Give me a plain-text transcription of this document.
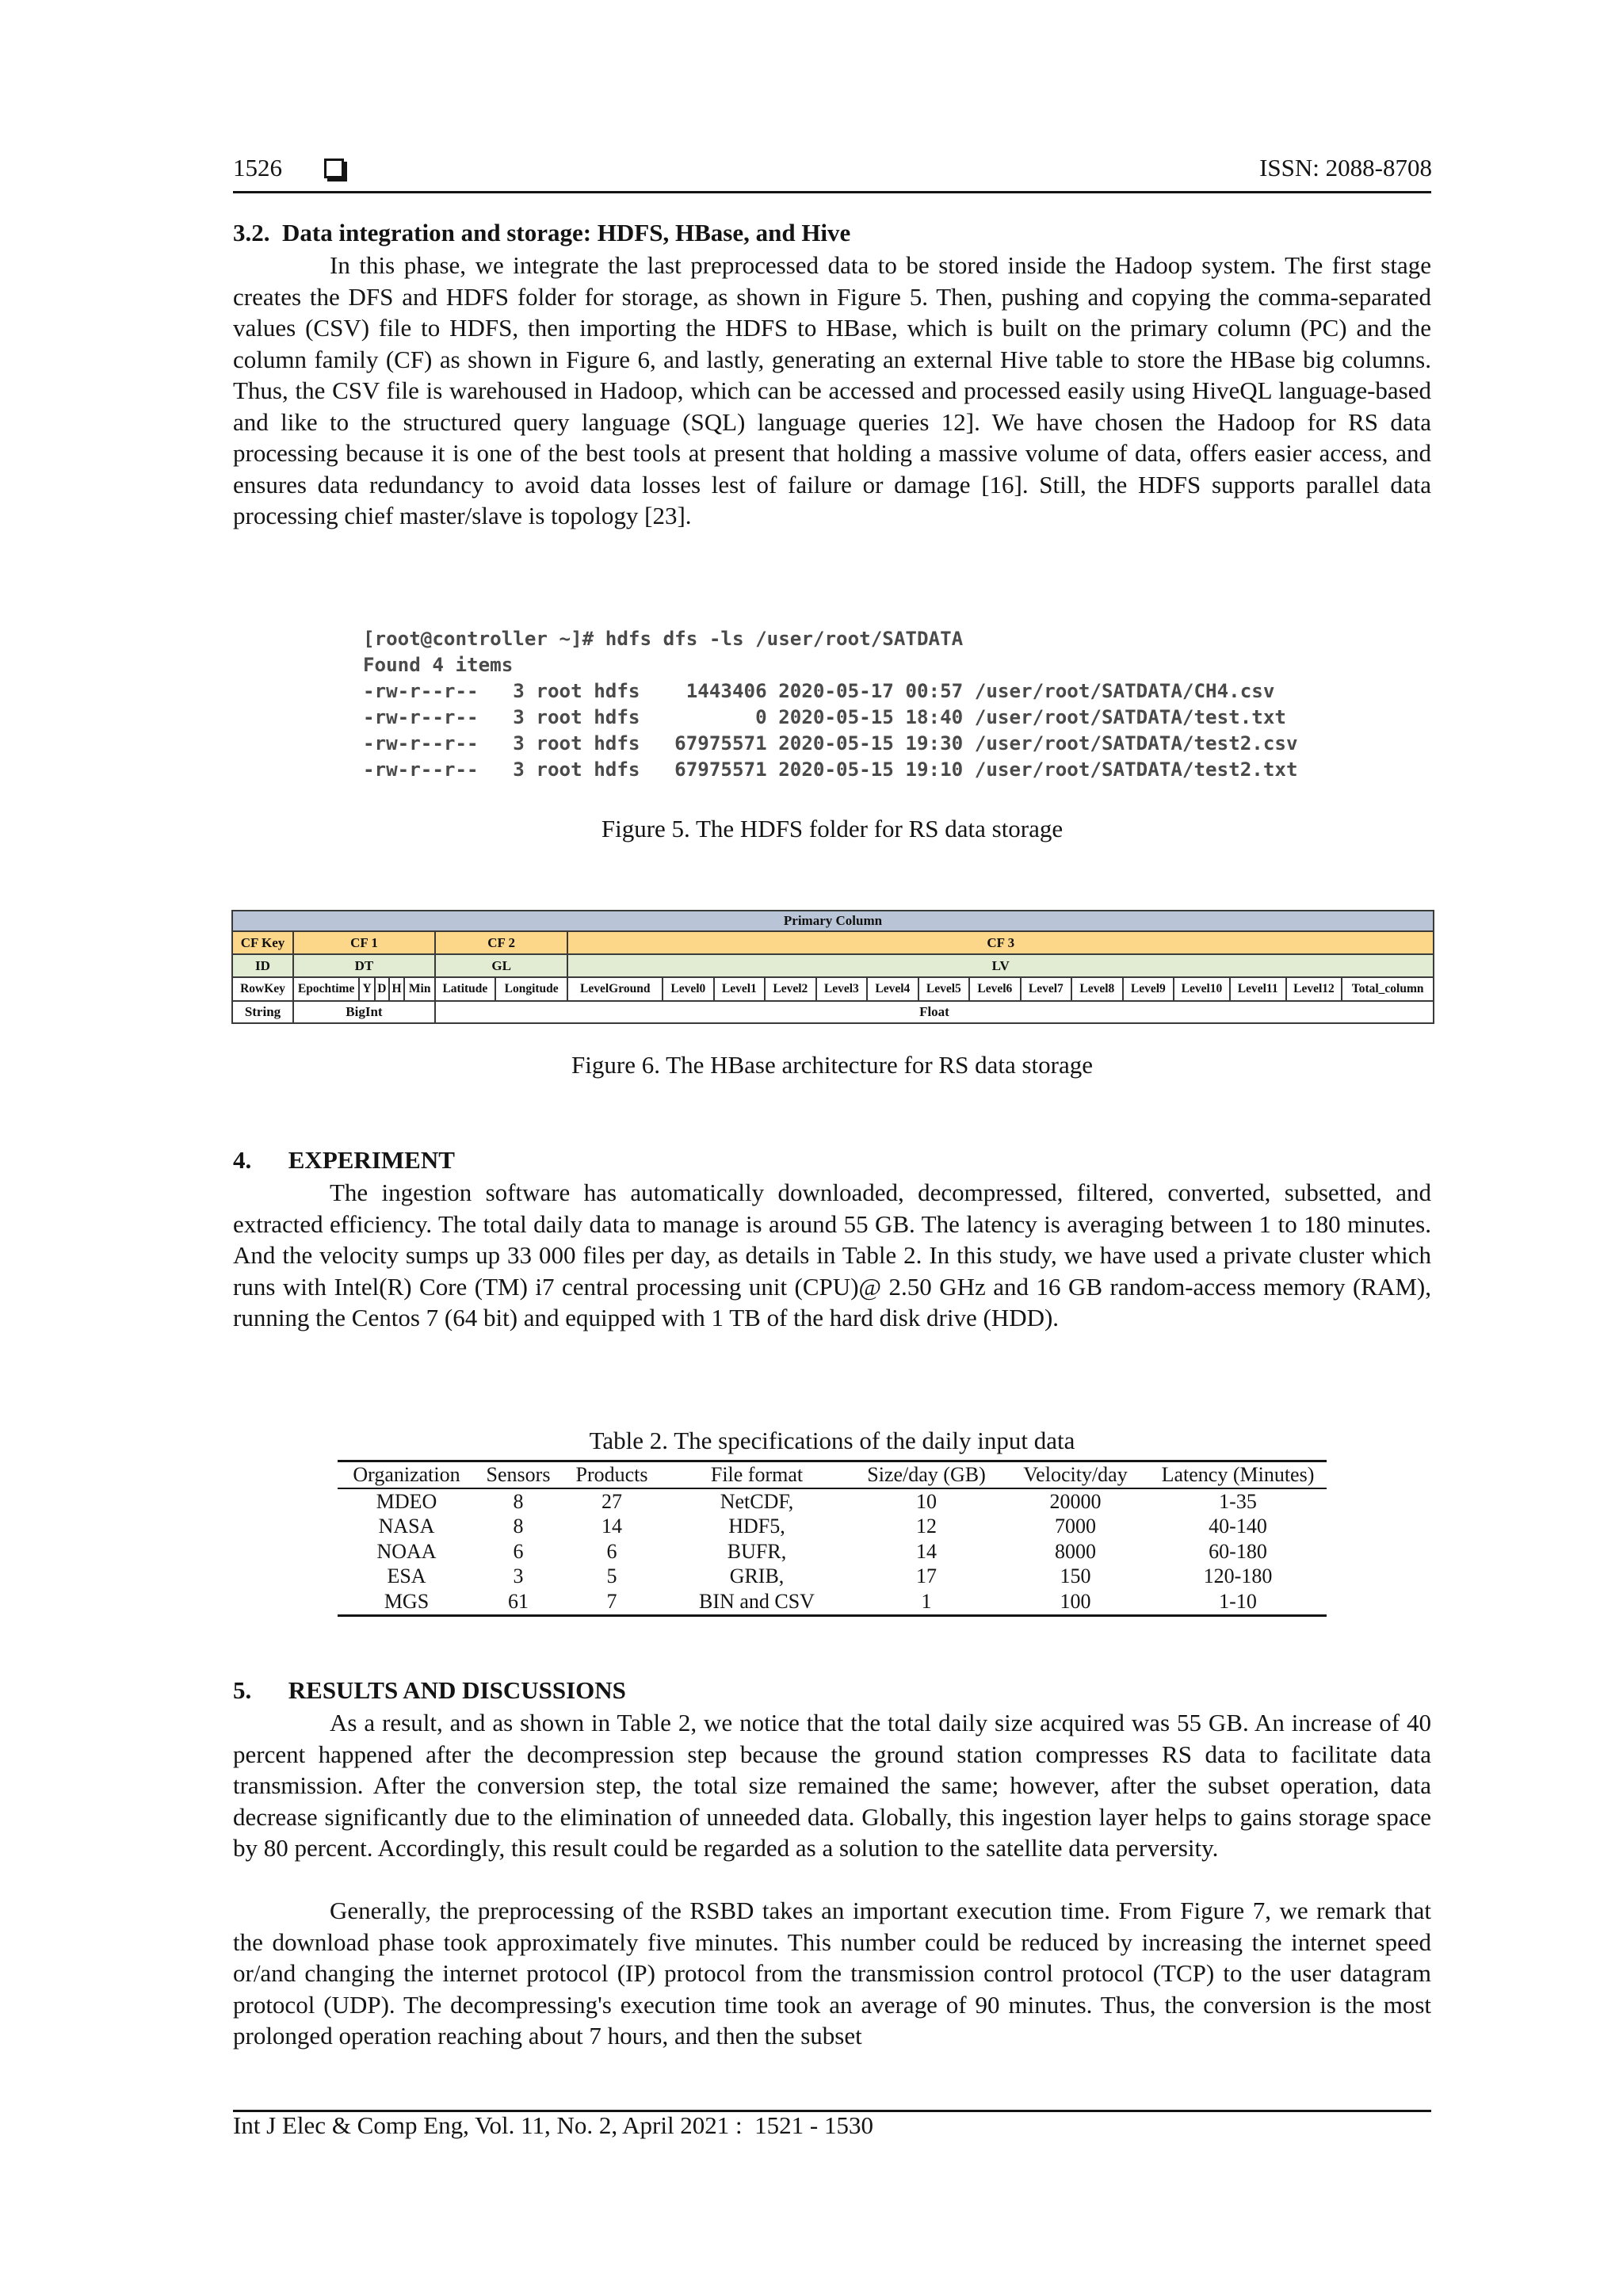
1526	ISSN: 2088-8708
3.2.  Data integration and storage: HDFS, HBase, and Hive

In this phase, we integrate the last preprocessed data to be stored inside the Hadoop system. The first stage creates the DFS and HDFS folder for storage, as shown in Figure 5. Then, pushing and copying the comma-separated values (CSV) file to HDFS, then importing the HDFS to HBase, which is built on the primary column (PC) and the column family (CF) as shown in Figure 6, and lastly, generating an external Hive table to store the HBase big columns. Thus, the CSV file is warehoused in Hadoop, which can be accessed and processed easily using HiveQL language-based and like to the structured query language (SQL) language queries 12]. We have chosen the Hadoop for RS data processing because it is one of the best tools at present that holding a massive volume of data, offers easier access, and ensures data redundancy to avoid data losses lest of failure or damage [16]. Still, the HDFS supports parallel data processing chief master/slave is topology [23].

[root@controller ~]# hdfs dfs -ls /user/root/SATDATA
Found 4 items
-rw-r--r--   3 root hdfs    1443406 2020-05-17 00:57 /user/root/SATDATA/CH4.csv
-rw-r--r--   3 root hdfs          0 2020-05-15 18:40 /user/root/SATDATA/test.txt
-rw-r--r--   3 root hdfs   67975571 2020-05-15 19:30 /user/root/SATDATA/test2.csv
-rw-r--r--   3 root hdfs   67975571 2020-05-15 19:10 /user/root/SATDATA/test2.txt
Figure 5. The HDFS folder for RS data storage
Primary Column																						
CF Key	CF 1					CF 2		CF 3														
ID	DT					GL		LV														
RowKey	Epochtime	Y	D	H	Min	Latitude	Longitude	LevelGround	Level0	Level1	Level2	Level3	Level4	Level5	Level6	Level7	Level8	Level9	Level10	Level11	Level12	Total_column
String	BigInt					Float																
Figure 6. The HBase architecture for RS data storage
4.      EXPERIMENT

The ingestion software has automatically downloaded, decompressed, filtered, converted, subsetted, and extracted efficiency. The total daily data to manage is around 55 GB. The latency is averaging between 1 to 180 minutes. And the velocity sumps up 33 000 files per day, as details in Table 2. In this study, we have used a private cluster which runs with Intel(R) Core (TM) i7 central processing unit (CPU)@ 2.50 GHz and 16 GB random-access memory (RAM), running the Centos 7 (64 bit) and equipped with 1 TB of the hard disk drive (HDD).

Table 2. The specifications of the daily input data
Organization	Sensors	Products	File format	Size/day (GB)	Velocity/day	Latency (Minutes)
MDEO	8	27	NetCDF,	10	20000	1-35
NASA	8	14	HDF5,	12	7000	40-140
NOAA	6	6	BUFR,	14	8000	60-180
ESA	3	5	GRIB,	17	150	120-180
MGS	61	7	BIN and CSV	1	100	1-10
5.      RESULTS AND DISCUSSIONS

As a result, and as shown in Table 2, we notice that the total daily size acquired was 55 GB. An increase of 40 percent happened after the decompression step because the ground station compresses RS data to facilitate data transmission. After the conversion step, the total size remained the same; however, after the subset operation, data decrease significantly due to the elimination of unneeded data. Globally, this ingestion layer helps to gains storage space by 80 percent. Accordingly, this result could be regarded as a solution to the satellite data perversity.

Generally, the preprocessing of the RSBD takes an important execution time. From Figure 7, we remark that the download phase took approximately five minutes. This number could be reduced by increasing the internet speed or/and changing the internet protocol (IP) protocol from the transmission control protocol (TCP) to the user datagram protocol (UDP). The decompressing's execution time took an average of 90 minutes. Thus, the conversion is the most prolonged operation reaching about 7 hours, and then the subset

Int J Elec & Comp Eng, Vol. 11, No. 2, April 2021 :  1521 - 1530
